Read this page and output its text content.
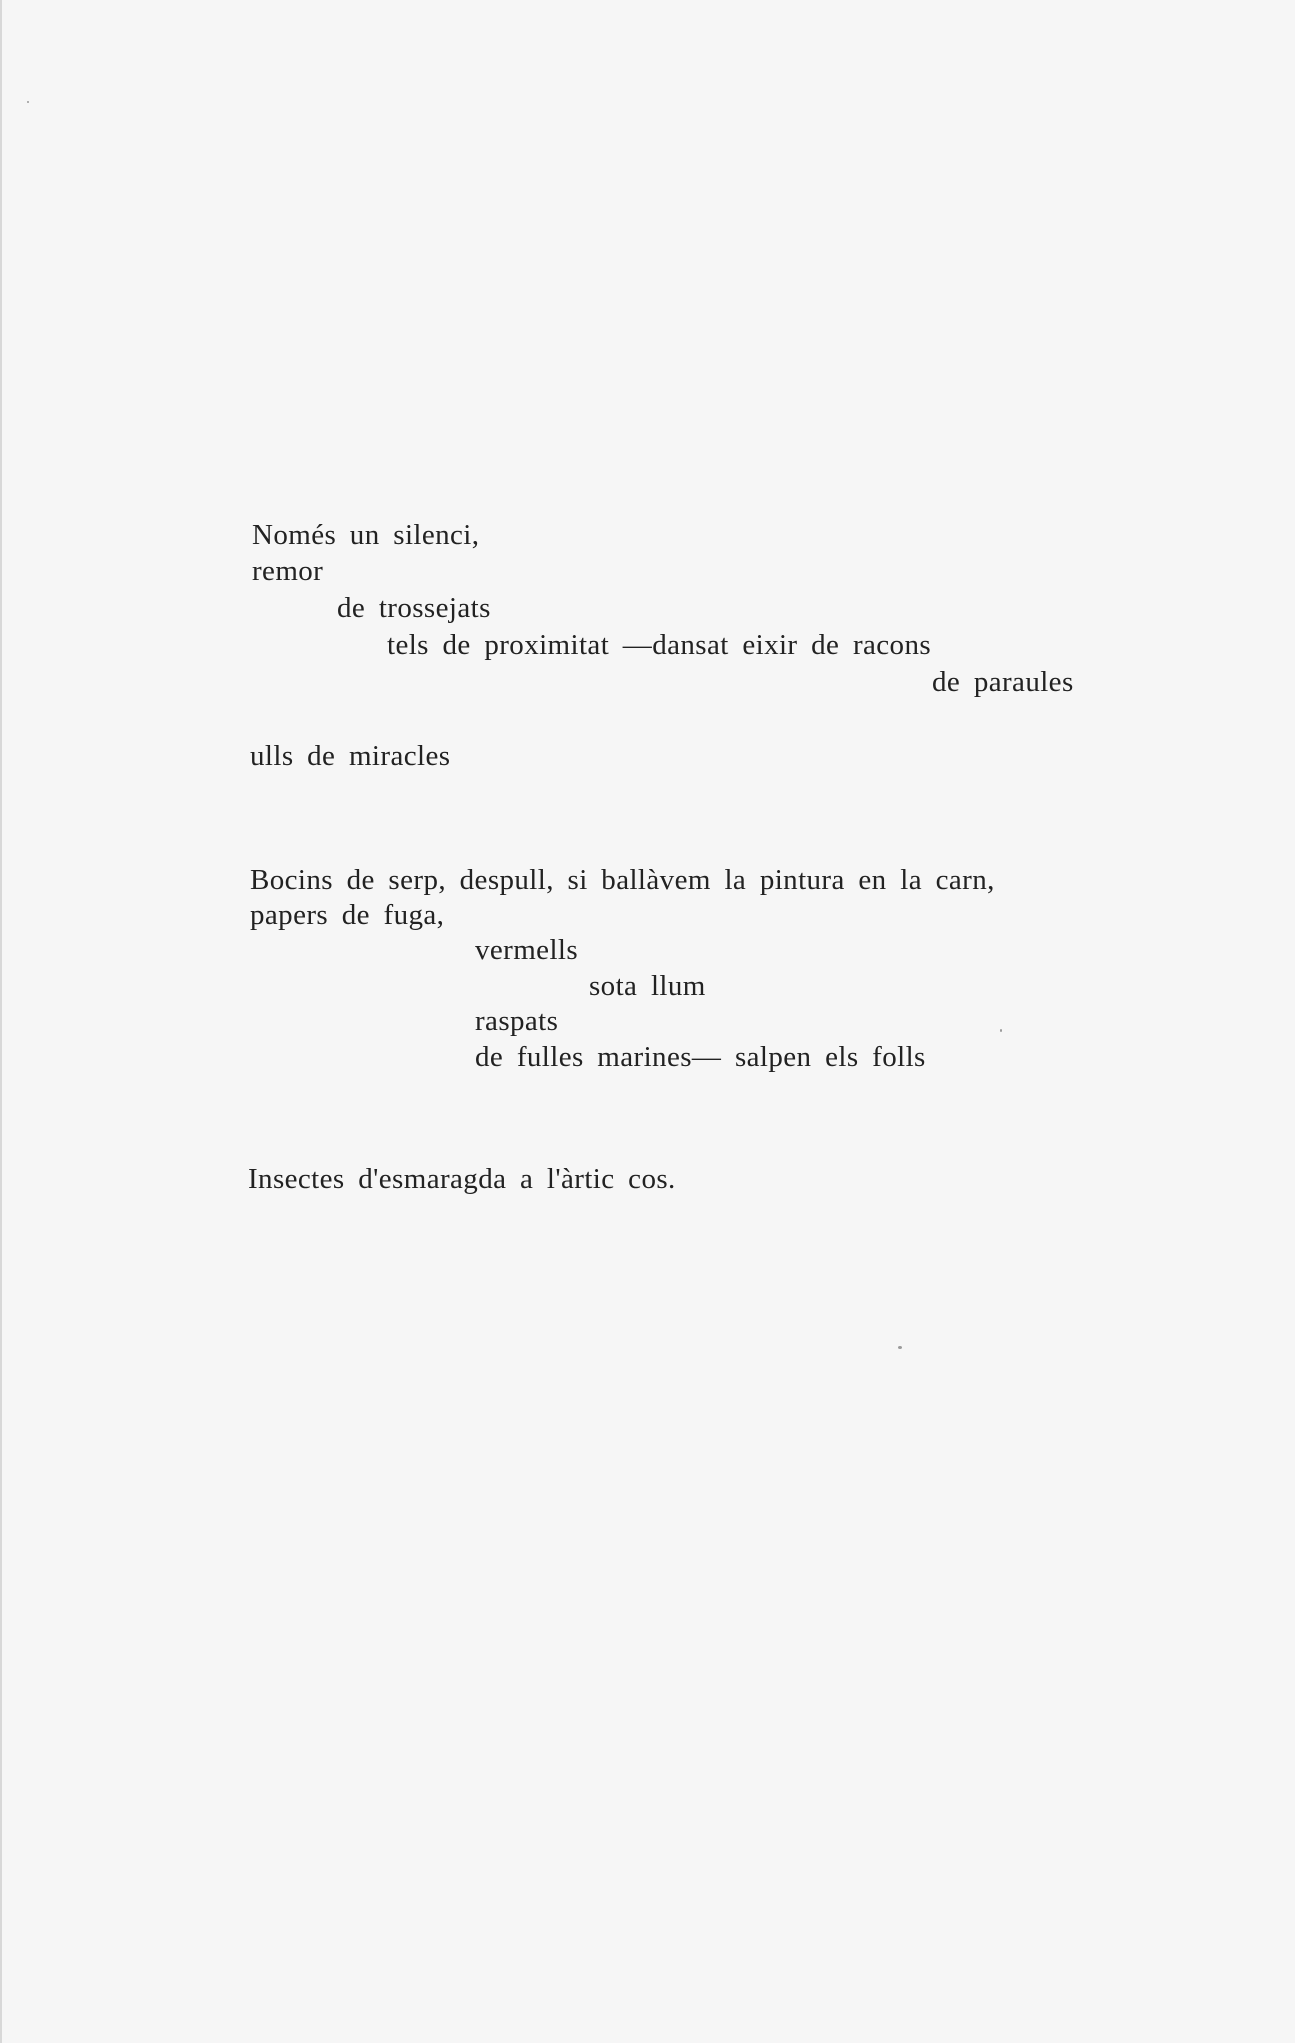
Només un silenci,
remor
de trossejats
tels de proximitat —dansat eixir de racons
de paraules
ulls de miracles
Bocins de serp, despull, si ballàvem la pintura en la carn,
papers de fuga,
vermells
sota llum
raspats
de fulles marines— salpen els folls
Insectes d'esmaragda a l'àrtic cos.
